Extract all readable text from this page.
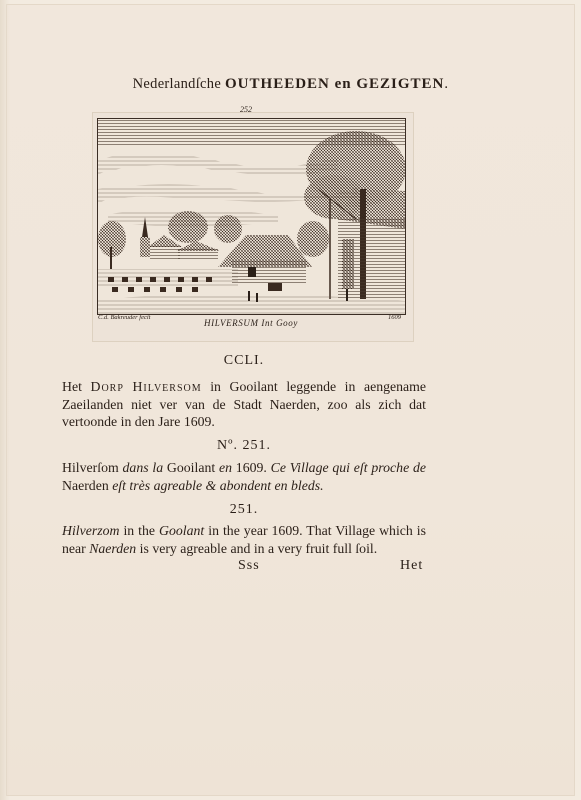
Nederlandſche OUTHEEDEN en GEZIGTEN.
252
C.d. Bakreuder fecit	1609
HILVERSUM Int Gooy
CCLI.
Het Dorp Hilversom in Gooilant leggende in aengename Zaeilanden niet ver van de Stadt Naerden, zoo als zich dat vertoonde in den Jare 1609.
Nº. 251.
Hilverſom dans la Gooilant en 1609. Ce Village qui eſt proche de Naerden eſt très agreable & abondent en bleds.
251.
Hilverzom in the Goolant in the year 1609. That Village which is near Naerden is very agreable and in a very fruit full ſoil.
Sss	Het
